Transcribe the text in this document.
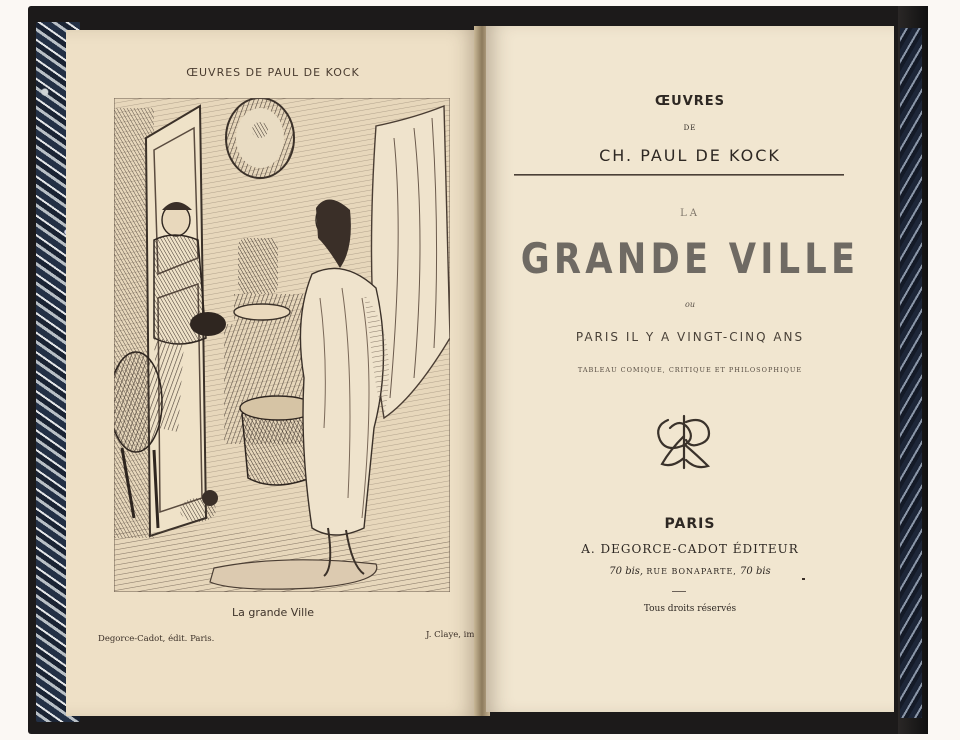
ŒUVRES DE PAUL DE KOCK
La grande Ville
Degorce-Cadot, édit. Paris.	J. Claye, im
ŒUVRES
DE
CH. PAUL DE KOCK
LA
GRANDE VILLE
ou
PARIS IL Y A VINGT-CINQ ANS
TABLEAU COMIQUE, CRITIQUE ET PHILOSOPHIQUE
PARIS
A. DEGORCE-CADOT ÉDITEUR
70 bis, RUE BONAPARTE, 70 bis
Tous droits réservés
